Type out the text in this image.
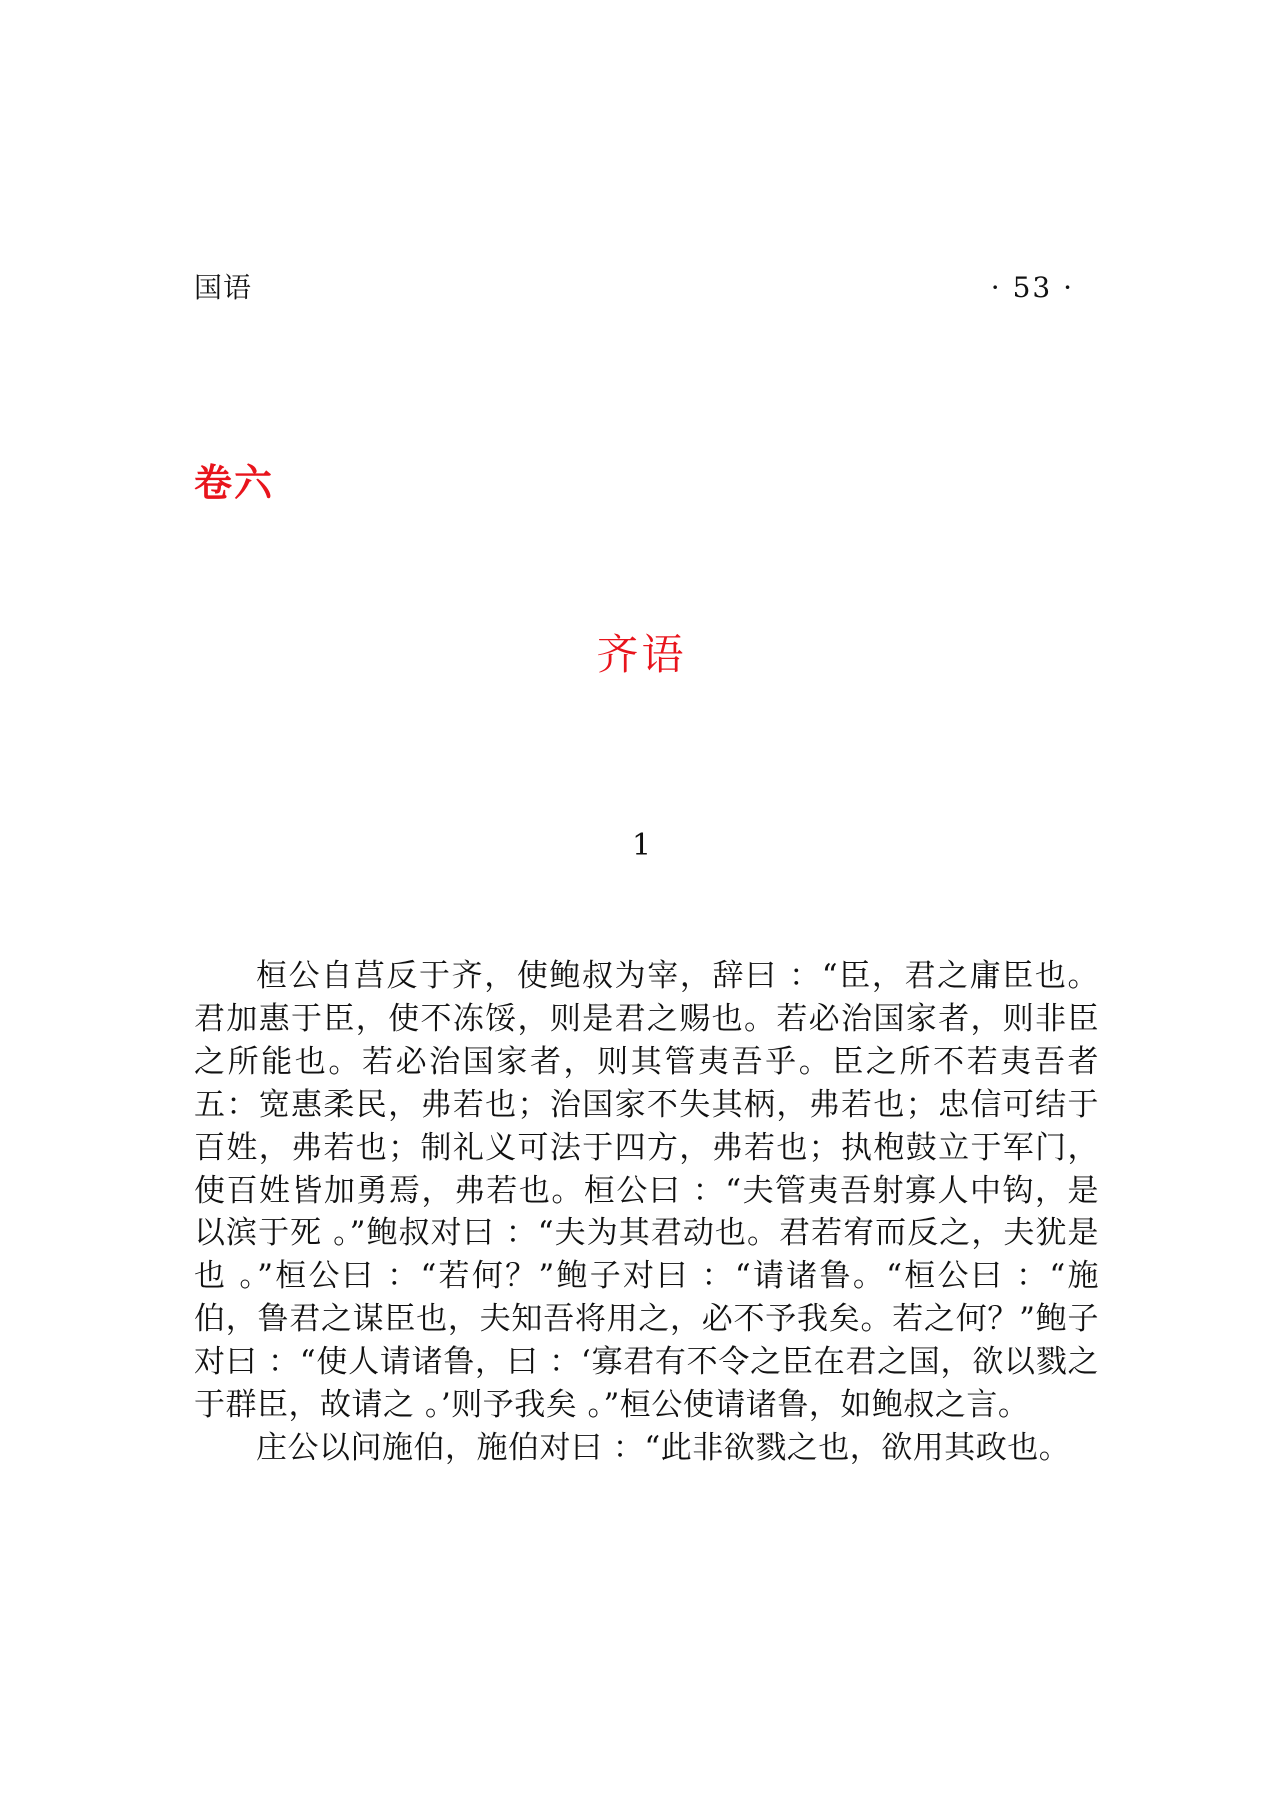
国语	· 53 ·
卷六
齐语
1

桓公自莒反于齐，使鲍叔为宰，辞曰 ：“臣，君之庸臣也。君加惠于臣，使不冻馁，则是君之赐也。若必治国家者，则非臣之所能也。若必治国家者，则其管夷吾乎。臣之所不若夷吾者五：宽惠柔民，弗若也；治国家不失其柄，弗若也；忠信可结于百姓，弗若也；制礼义可法于四方，弗若也；执枹鼓立于军门，使百姓皆加勇焉，弗若也。桓公曰 ：“夫管夷吾射寡人中钩，是以滨于死 。”鲍叔对曰 ：“夫为其君动也。君若宥而反之，夫犹是也 。”桓公曰 ：“若何？”鲍子对曰 ：“请诸鲁。“桓公曰 ：“施伯，鲁君之谋臣也，夫知吾将用之，必不予我矣。若之何？”鲍子对曰 ：“使人请诸鲁，曰 ：‘寡君有不令之臣在君之国，欲以戮之于群臣，故请之 。’则予我矣 。”桓公使请诸鲁，如鲍叔之言。

庄公以问施伯，施伯对曰 ：“此非欲戮之也，欲用其政也。
